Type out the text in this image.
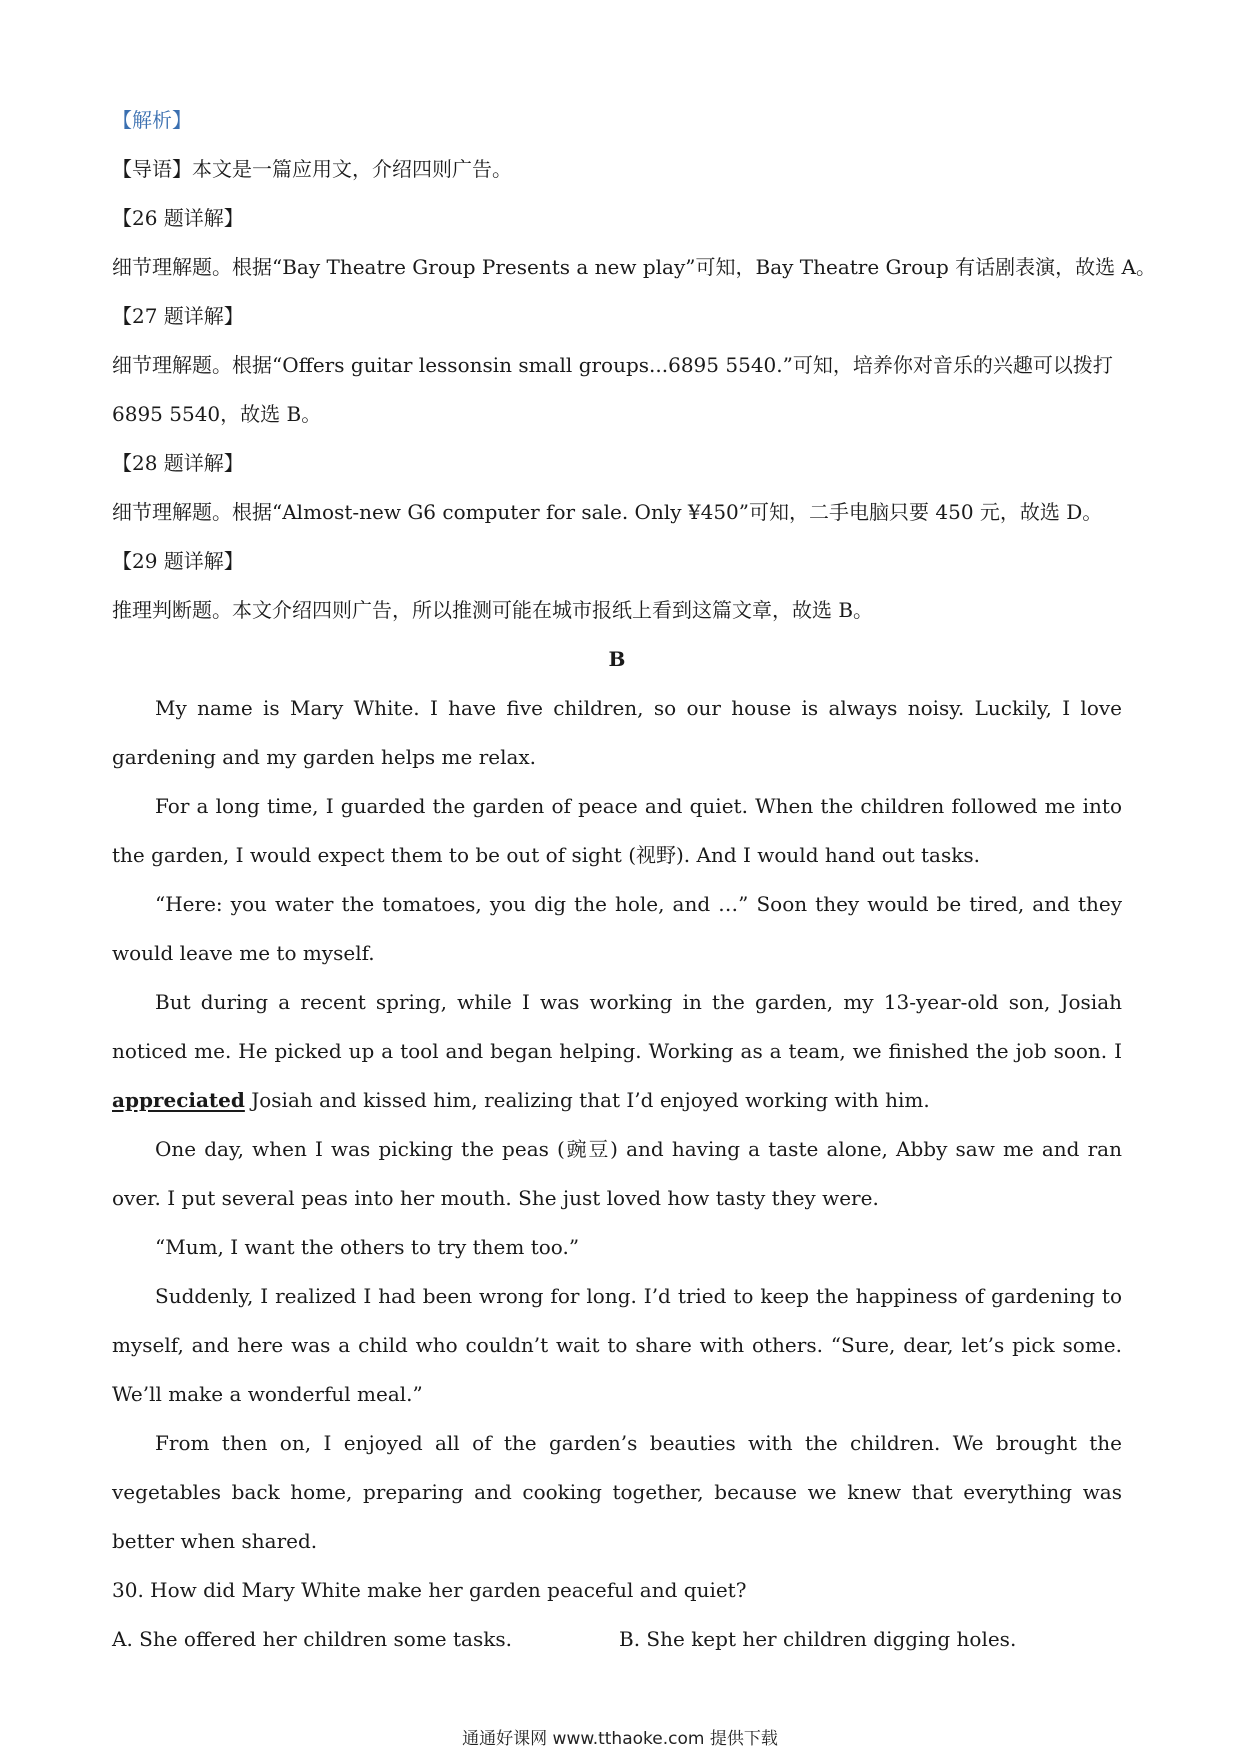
【解析】

【导语】本文是一篇应用文，介绍四则广告。

【26 题详解】

细节理解题。根据“Bay Theatre Group Presents a new play”可知，Bay Theatre Group 有话剧表演，故选 A。

【27 题详解】

细节理解题。根据“Offers guitar lessonsin small groups...6895 5540.”可知，培养你对音乐的兴趣可以拨打

6895 5540，故选 B。

【28 题详解】

细节理解题。根据“Almost-new G6 computer for sale. Only ¥450”可知，二手电脑只要 450 元，故选 D。

【29 题详解】

推理判断题。本文介绍四则广告，所以推测可能在城市报纸上看到这篇文章，故选 B。

B

My name is Mary White. I have five children, so our house is always noisy. Luckily, I love gardening and my garden helps me relax.

For a long time, I guarded the garden of peace and quiet. When the children followed me into the garden, I would expect them to be out of sight (视野). And I would hand out tasks.

“Here: you water the tomatoes, you dig the hole, and …” Soon they would be tired, and they would leave me to myself.

But during a recent spring, while I was working in the garden, my 13-year-old son, Josiah noticed me. He picked up a tool and began helping. Working as a team, we finished the job soon. I appreciated Josiah and kissed him, realizing that I’d enjoyed working with him.

One day, when I was picking the peas (豌豆) and having a taste alone, Abby saw me and ran over. I put several peas into her mouth. She just loved how tasty they were.

“Mum, I want the others to try them too.”

Suddenly, I realized I had been wrong for long. I’d tried to keep the happiness of gardening to myself, and here was a child who couldn’t wait to share with others. “Sure, dear, let’s pick some. We’ll make a wonderful meal.”

From then on, I enjoyed all of the garden’s beauties with the children. We brought the vegetables back home, preparing and cooking together, because we knew that everything was better when shared.

30. How did Mary White make her garden peaceful and quiet?

A. She offered her children some tasks.	B. She kept her children digging holes.
通通好课网 www.tthaoke.com 提供下载
